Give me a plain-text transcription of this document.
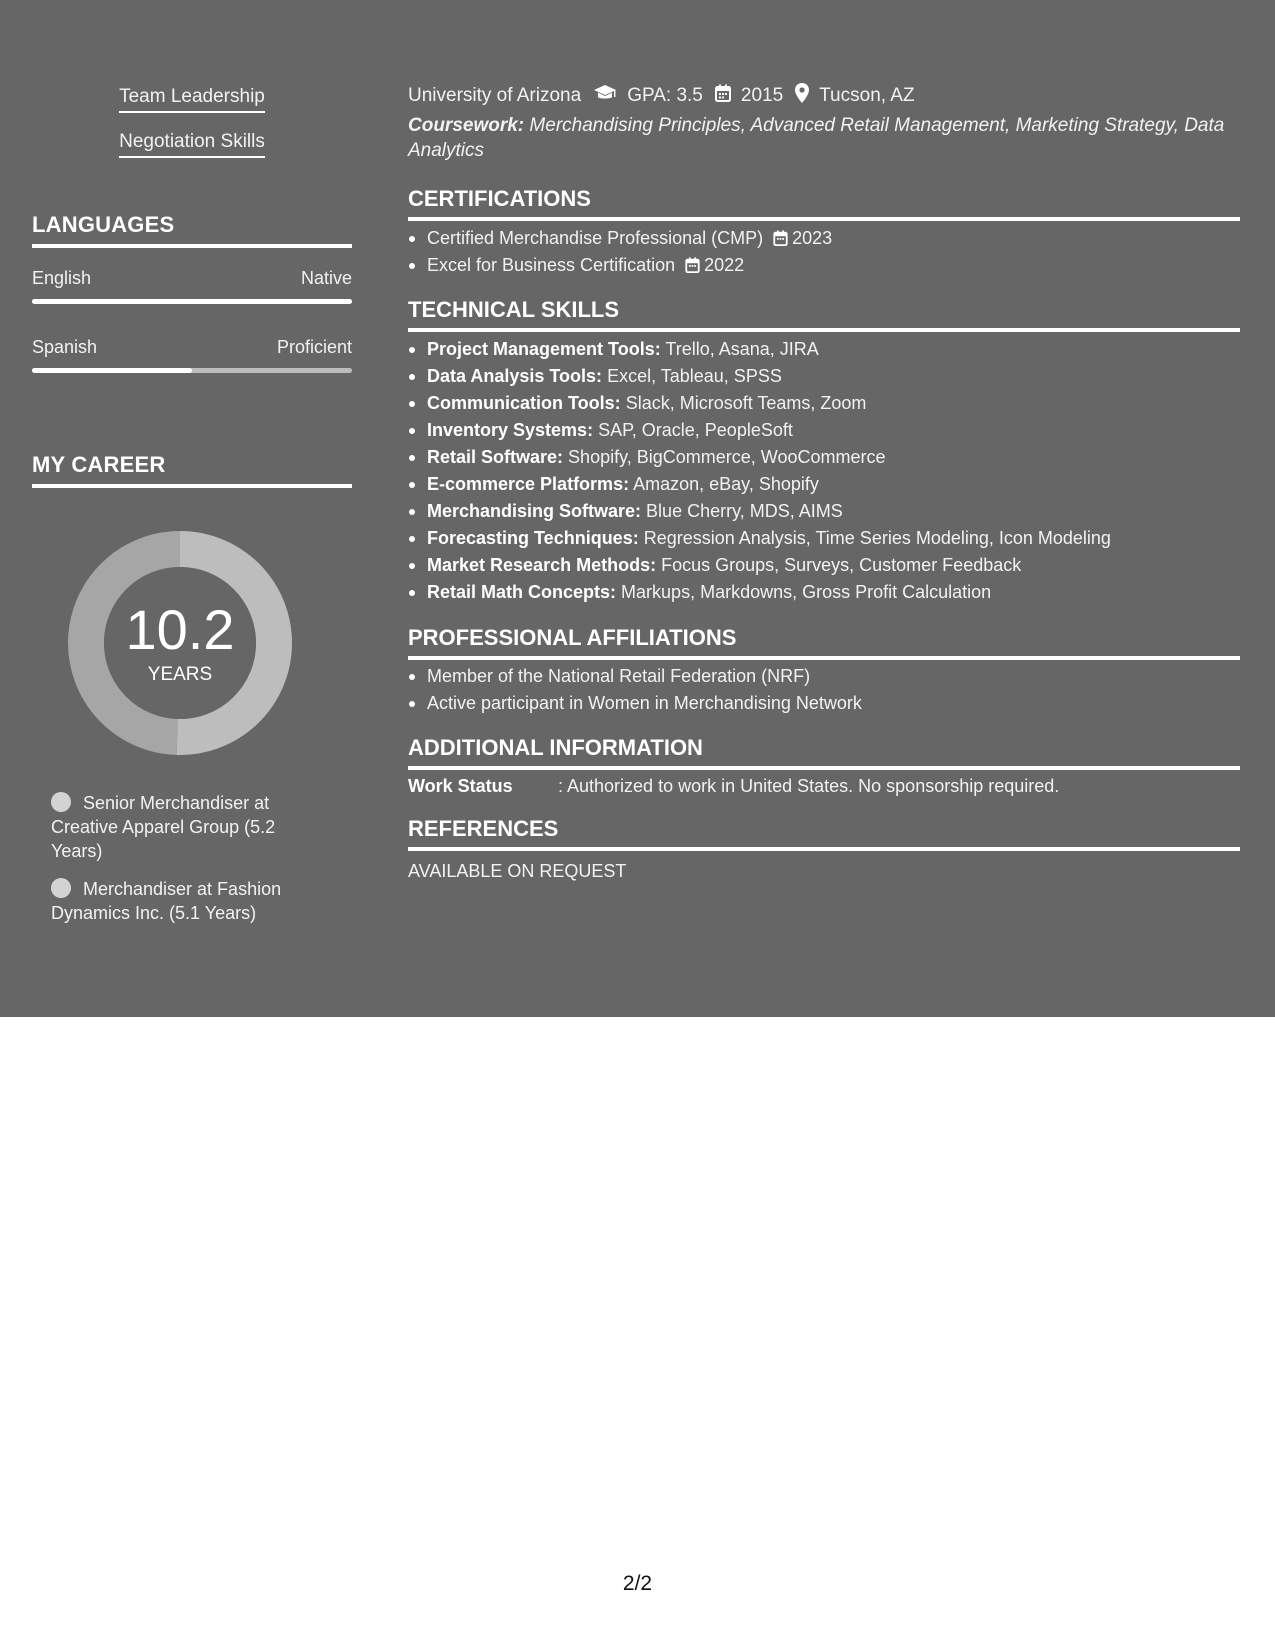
Team Leadership
Negotiation Skills
LANGUAGES
English	Native
Spanish	Proficient
MY CAREER
10.2
YEARS
Senior Merchandiser at Creative Apparel Group (5.2 Years)
Merchandiser at Fashion Dynamics Inc. (5.1 Years)
University of Arizona GPA: 3.5 2015 Tucson, AZ
Coursework: Merchandising Principles, Advanced Retail Management, Marketing Strategy, Data Analytics
CERTIFICATIONS
Certified Merchandise Professional (CMP) 2023
Excel for Business Certification 2022
TECHNICAL SKILLS
Project Management Tools: Trello, Asana, JIRA
Data Analysis Tools: Excel, Tableau, SPSS
Communication Tools: Slack, Microsoft Teams, Zoom
Inventory Systems: SAP, Oracle, PeopleSoft
Retail Software: Shopify, BigCommerce, WooCommerce
E-commerce Platforms: Amazon, eBay, Shopify
Merchandising Software: Blue Cherry, MDS, AIMS
Forecasting Techniques: Regression Analysis, Time Series Modeling, Icon Modeling
Market Research Methods: Focus Groups, Surveys, Customer Feedback
Retail Math Concepts: Markups, Markdowns, Gross Profit Calculation
PROFESSIONAL AFFILIATIONS
Member of the National Retail Federation (NRF)
Active participant in Women in Merchandising Network
ADDITIONAL INFORMATION
Work Status	: Authorized to work in United States. No sponsorship required.
REFERENCES
AVAILABLE ON REQUEST
2/2
